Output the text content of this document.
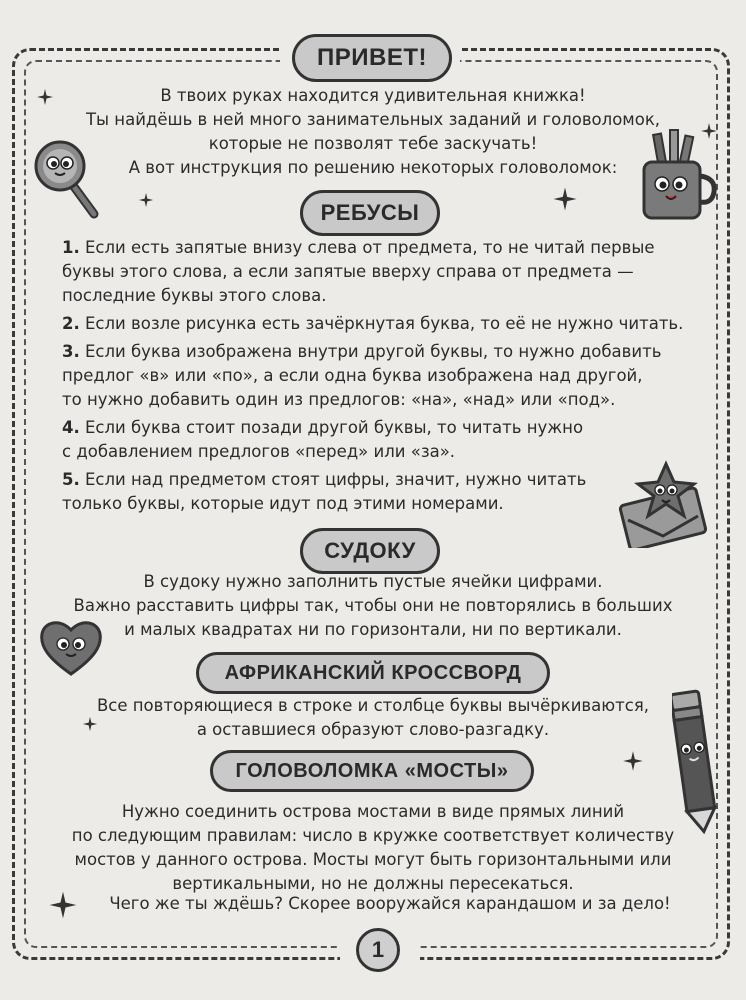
ПРИВЕТ!

В твоих руках находится удивительная книжка!

Ты найдёшь в ней много занимательных заданий и головоломок,

которые не позволят тебе заскучать!

А вот инструкция по решению некоторых головоломок:

РЕБУСЫ

1. Если есть запятые внизу слева от предмета, то не читай первые

буквы этого слова, а если запятые вверху справа от предмета —

последние буквы этого слова.

2. Если возле рисунка есть зачёркнутая буква, то её не нужно читать.

3. Если буква изображена внутри другой буквы, то нужно добавить

предлог «в» или «по», а если одна буква изображена над другой,

то нужно добавить один из предлогов: «на», «над» или «под».

4. Если буква стоит позади другой буквы, то читать нужно

с добавлением предлогов «перед» или «за».

5. Если над предметом стоят цифры, значит, нужно читать

только буквы, которые идут под этими номерами.

СУДОКУ

В судоку нужно заполнить пустые ячейки цифрами.

Важно расставить цифры так, чтобы они не повторялись в больших

и малых квадратах ни по горизонтали, ни по вертикали.

АФРИКАНСКИЙ КРОССВОРД

Все повторяющиеся в строке и столбце буквы вычёркиваются,

а оставшиеся образуют слово-разгадку.

ГОЛОВОЛОМКА «МОСТЫ»

Нужно соединить острова мостами в виде прямых линий

по следующим правилам: число в кружке соответствует количеству

мостов у данного острова. Мосты могут быть горизонтальными или

вертикальными, но не должны пересекаться.

Чего же ты ждёшь? Скорее вооружайся карандашом и за дело!

1
